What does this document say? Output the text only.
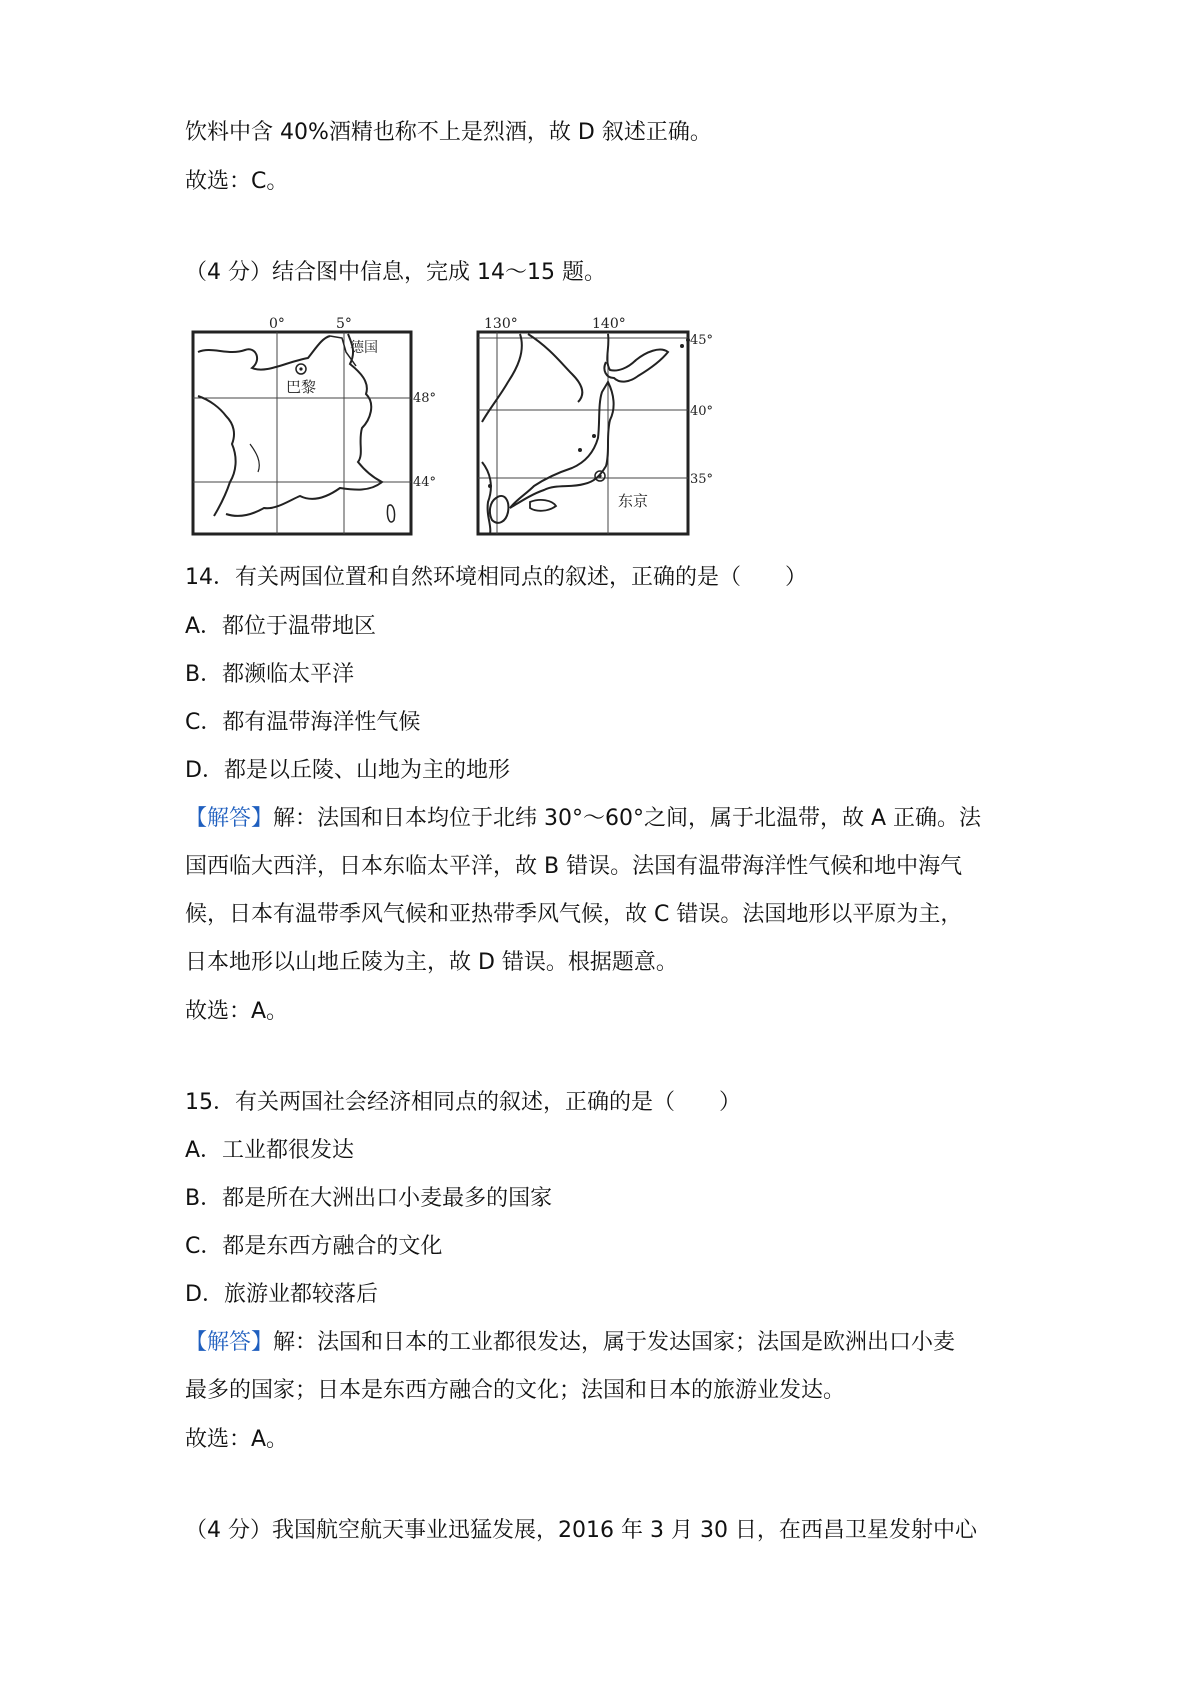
饮料中含 40%酒精也称不上是烈酒，故 D 叙述正确。
故选：C。
（4 分）结合图中信息，完成 14～15 题。
0°	5°
德国
巴黎
48°
44°
130°	140°
45°
40°
35°
东京
14．有关两国位置和自然环境相同点的叙述，正确的是（　　）
A．都位于温带地区
B．都濒临太平洋
C．都有温带海洋性气候
D．都是以丘陵、山地为主的地形
【解答】解：法国和日本均位于北纬 30°～60°之间，属于北温带，故 A 正确。法
国西临大西洋，日本东临太平洋，故 B 错误。法国有温带海洋性气候和地中海气
候，日本有温带季风气候和亚热带季风气候，故 C 错误。法国地形以平原为主，
日本地形以山地丘陵为主，故 D 错误。根据题意。
故选：A。
15．有关两国社会经济相同点的叙述，正确的是（　　）
A．工业都很发达
B．都是所在大洲出口小麦最多的国家
C．都是东西方融合的文化
D．旅游业都较落后
【解答】解：法国和日本的工业都很发达，属于发达国家；法国是欧洲出口小麦
最多的国家；日本是东西方融合的文化；法国和日本的旅游业发达。
故选：A。
（4 分）我国航空航天事业迅猛发展，2016 年 3 月 30 日，在西昌卫星发射中心
